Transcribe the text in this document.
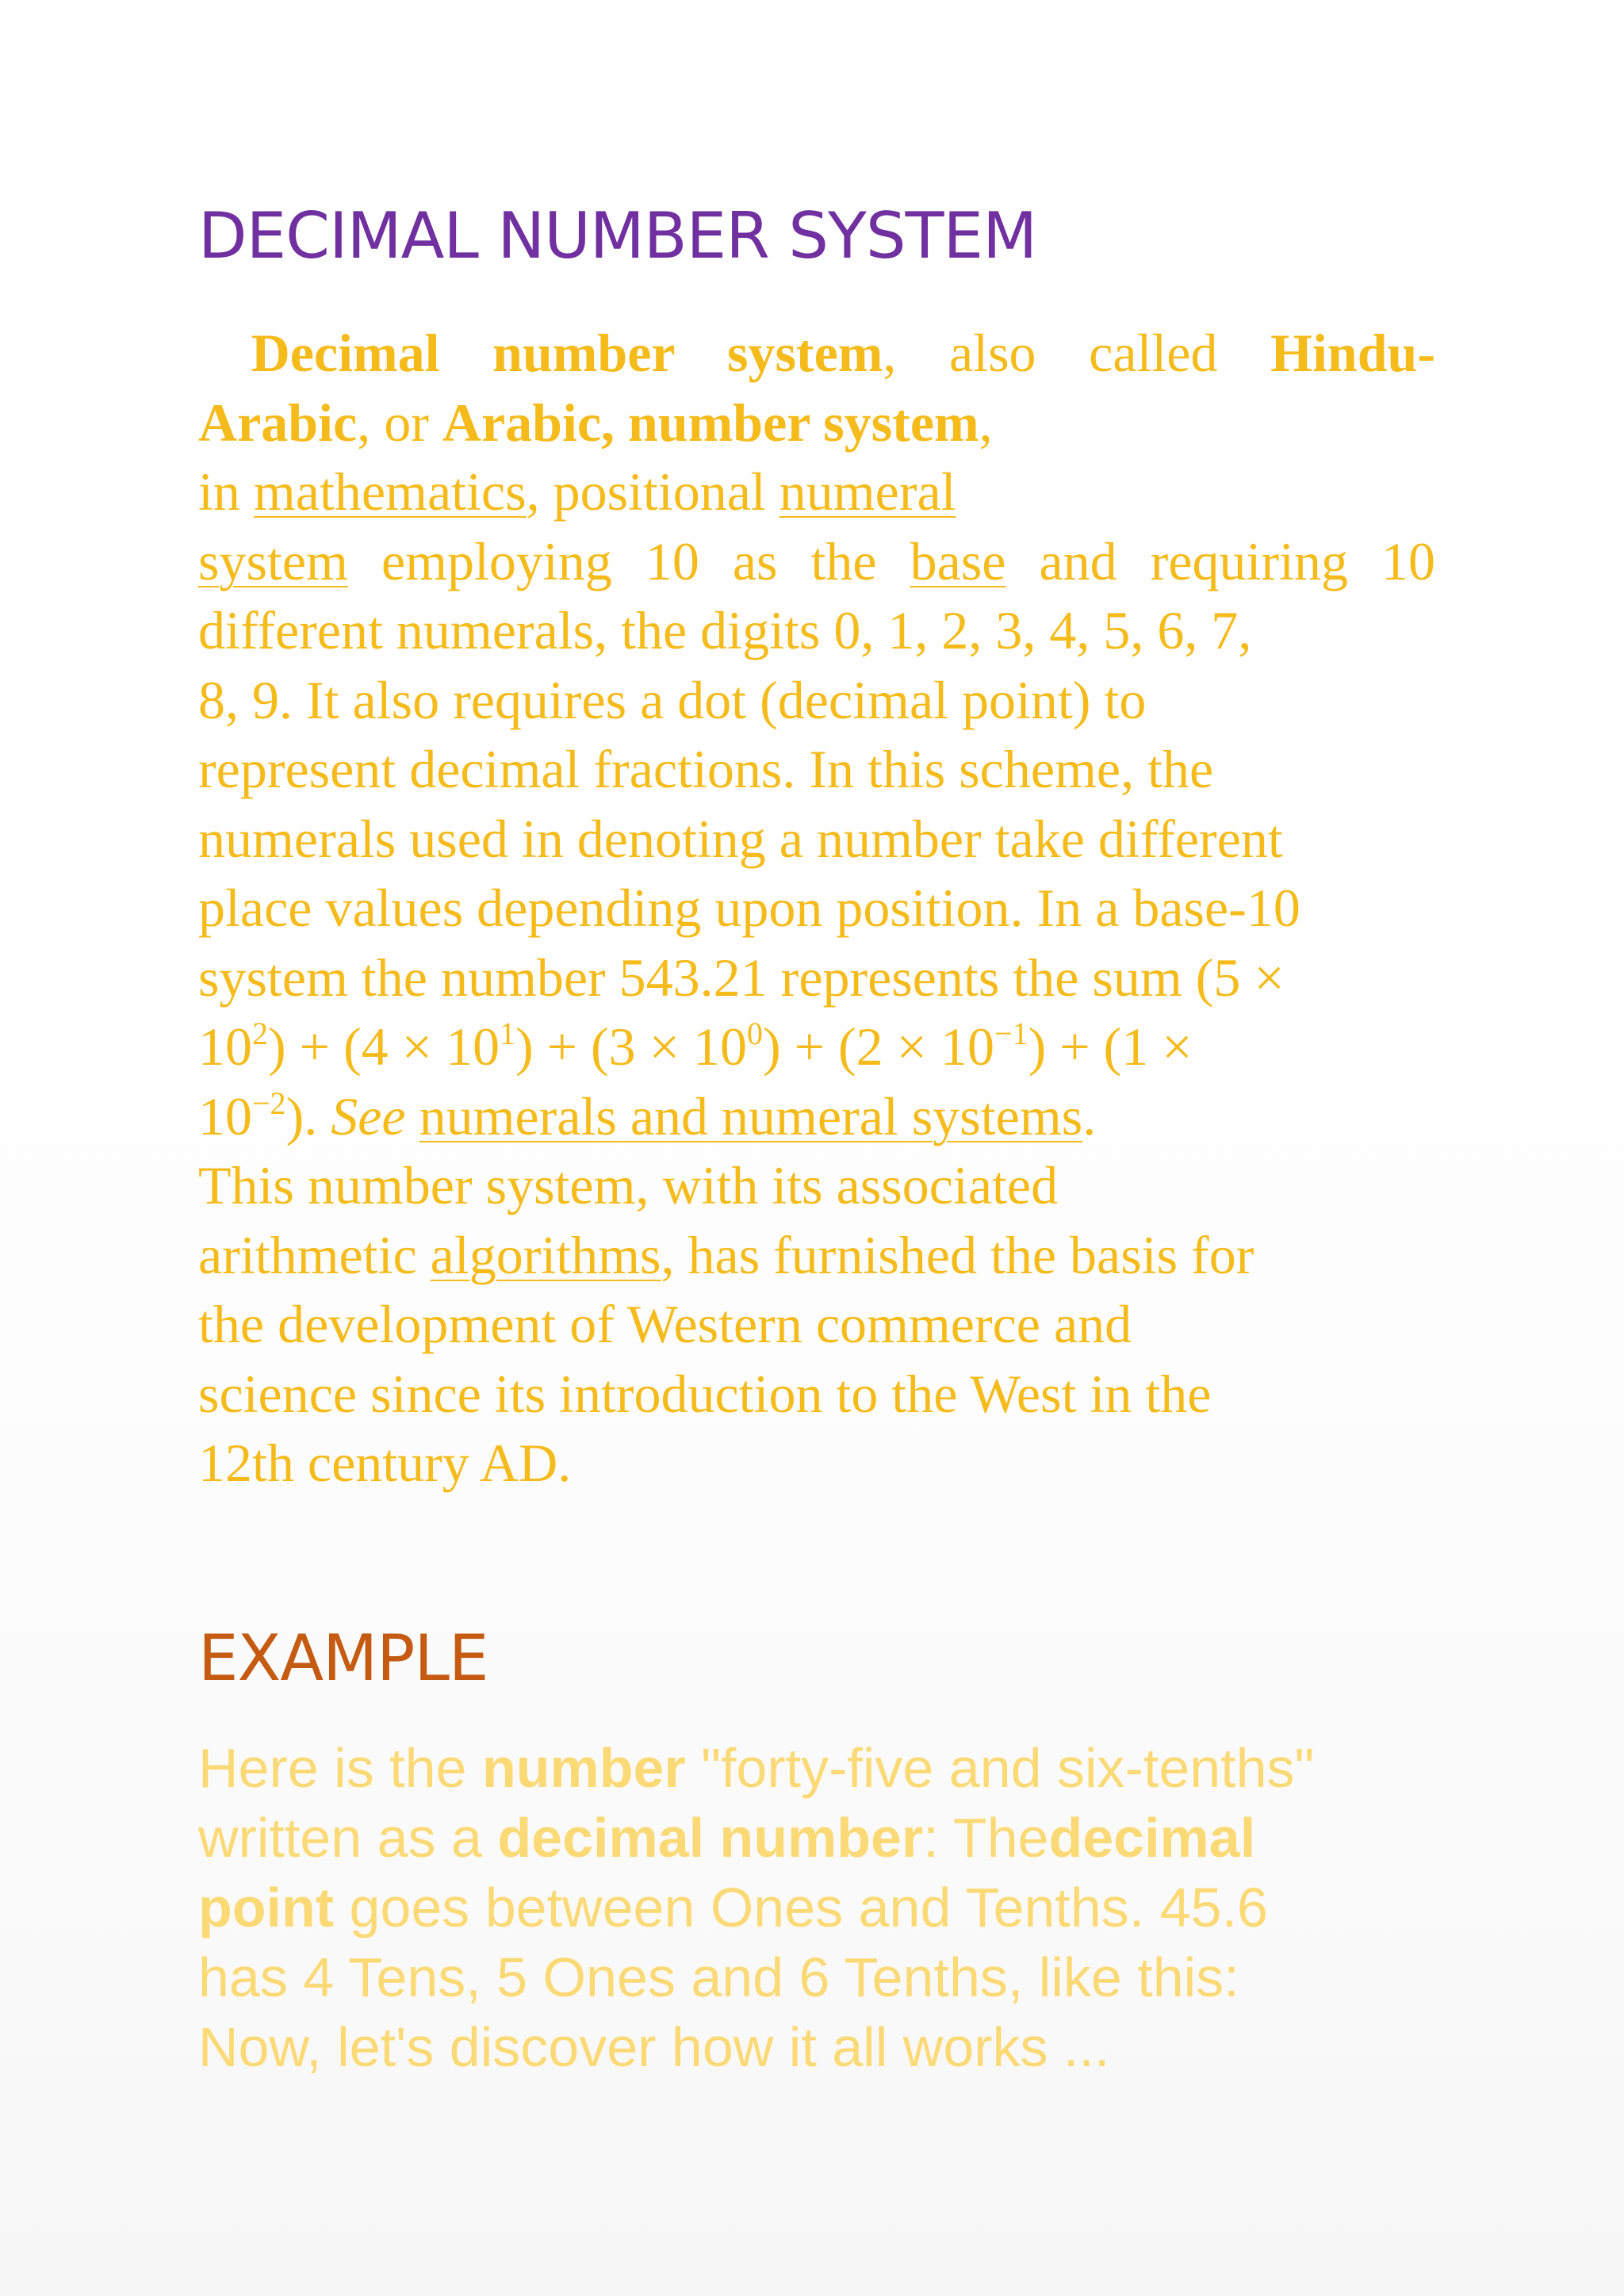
DECIMAL NUMBER SYSTEM
Decimal number system, also called Hindu-
Arabic, or Arabic, number system,
in mathematics, positional numeral
system employing 10 as the base and requiring 10
different numerals, the digits 0, 1, 2, 3, 4, 5, 6, 7,
8, 9. It also requires a dot (decimal point) to
represent decimal fractions. In this scheme, the
numerals used in denoting a number take different
place values depending upon position. In a base-10
system the number 543.21 represents the sum (5 ×
$10^2) + (4 \times 10^1) + (3 \times 10^0) + (2 \times 10^{-1}) + (1$ ×
$10^{-2}$). See numerals and numeral systems.
This number system, with its associated
arithmetic algorithms, has furnished the basis for
the development of Western commerce and
science since its introduction to the West in the
12th century AD.
EXAMPLE
Here is the number "forty-five and six-tenths"
written as a decimal number: Thedecimal
point goes between Ones and Tenths. 45.6
has 4 Tens, 5 Ones and 6 Tenths, like this:
Now, let's discover how it all works ...
